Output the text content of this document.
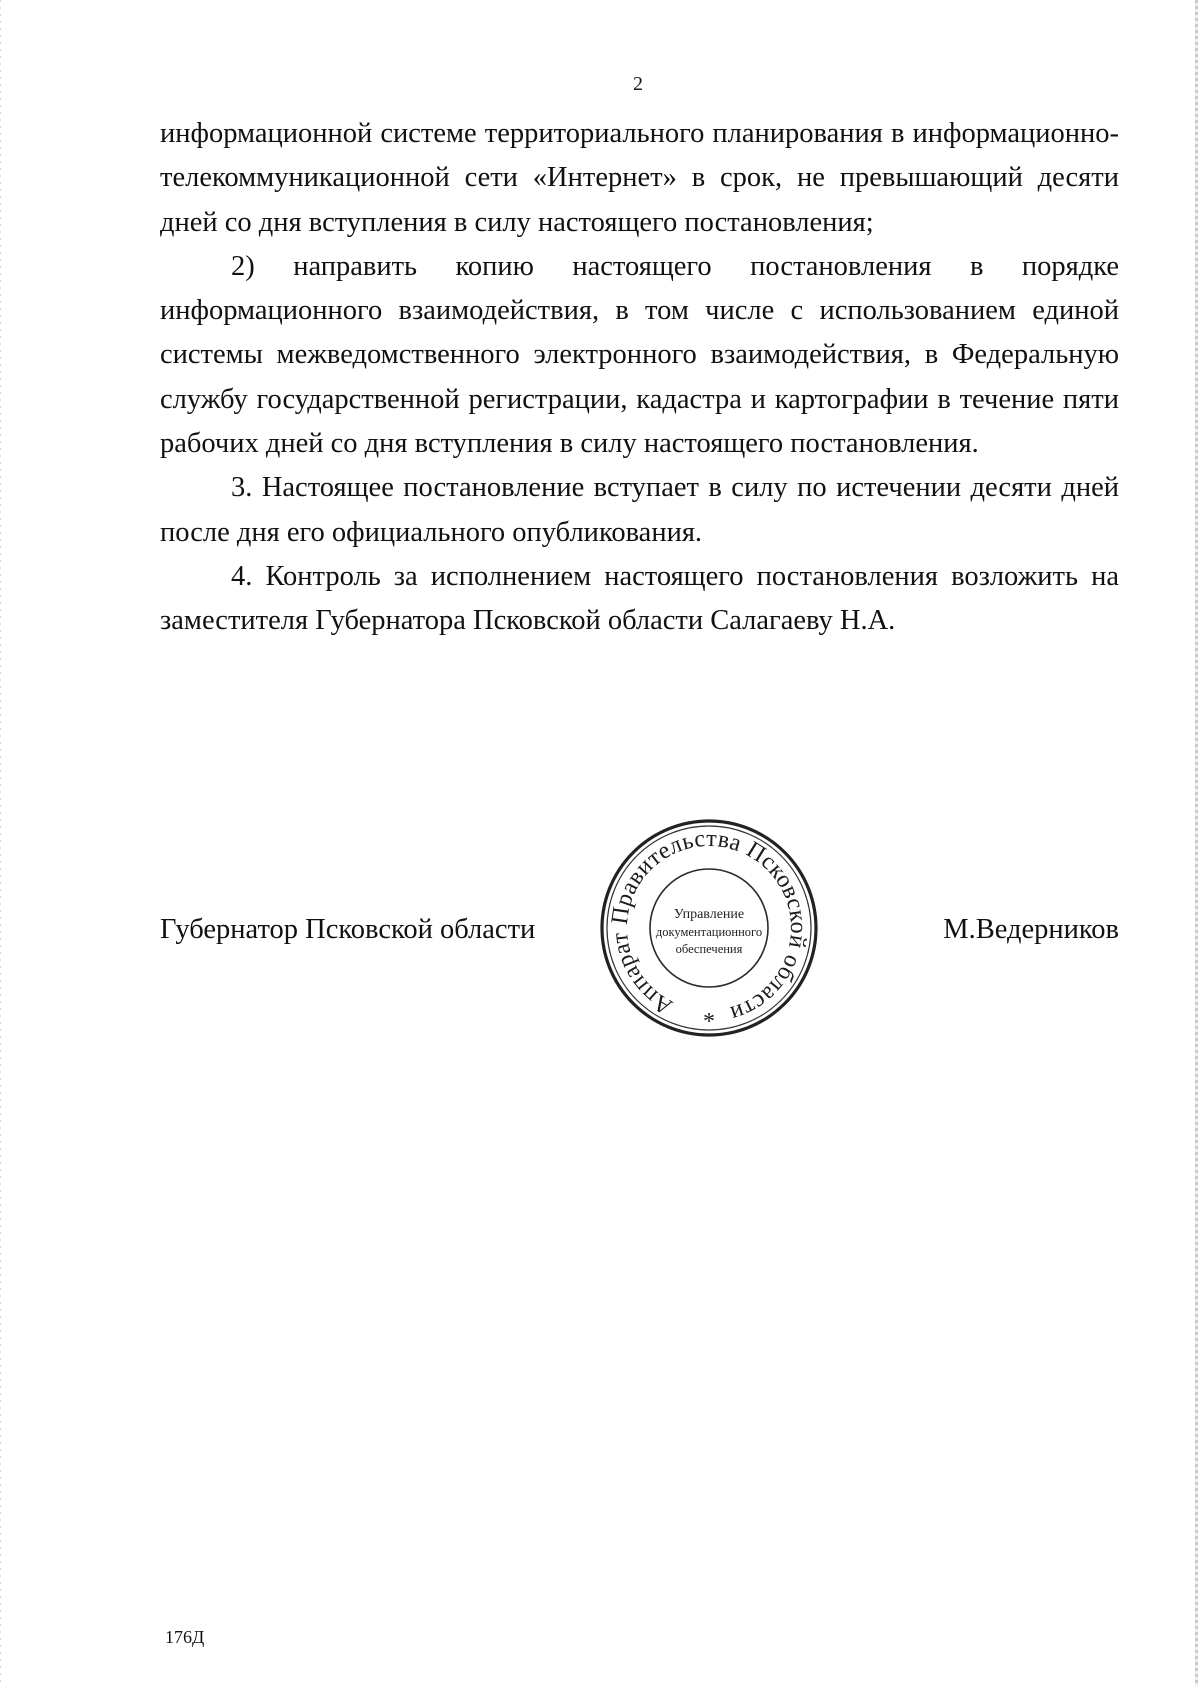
2

информационной системе территориального планирования в информационно-телекоммуникационной сети «Интернет» в срок, не превышающий десяти дней со дня вступления в силу настоящего постановления;

2) направить копию настоящего постановления в порядке информационного взаимодействия, в том числе с использованием единой системы межведомственного электронного взаимодействия, в Федеральную службу государственной регистрации, кадастра и картографии в течение пяти рабочих дней со дня вступления в силу настоящего постановления.

3. Настоящее постановление вступает в силу по истечении десяти дней после дня его официального опубликования.

4. Контроль за исполнением настоящего постановления возложить на заместителя Губернатора Псковской области Салагаеву Н.А.

Губернатор Псковской области
Аппарат Правительства Псковской области
Управление
документационного
обеспечения
*
М.Ведерников
176Д
